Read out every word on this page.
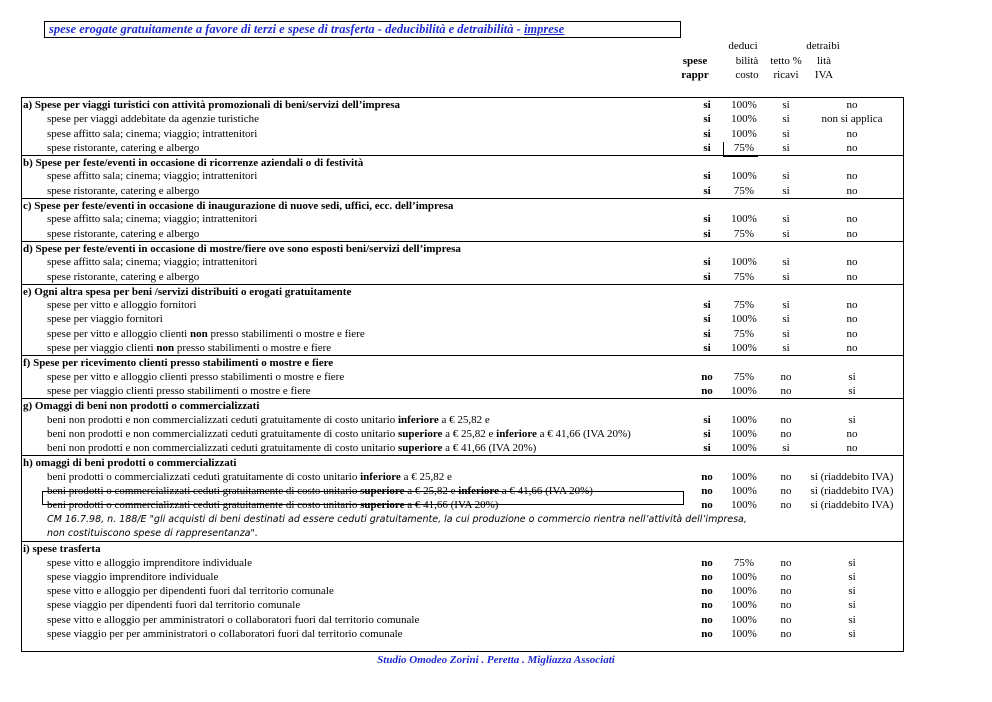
spese erogate gratuitamente a favore di terzi e spese di trasferta - deducibilità e detraibilità - imprese
deduci	detraibi
spese	bilità	tetto %	lità
rappr	costo	ricavi	IVA
a) Spese per viaggi turistici con attività promozionali di beni/servizi dell’impresa	si	100%	si	no
spese per viaggi addebitate da agenzie turistiche	si	100%	si	non si applica
spese affitto sala; cinema; viaggio; intrattenitori	si	100%	si	no
spese ristorante, catering e albergo	si	75%	si	no
b) Spese per feste/eventi in occasione di ricorrenze aziendali o di festività
spese affitto sala; cinema; viaggio; intrattenitori	si	100%	si	no
spese ristorante, catering e albergo	si	75%	si	no
c) Spese per feste/eventi in occasione di inaugurazione di nuove sedi, uffici, ecc. dell’impresa
spese affitto sala; cinema; viaggio; intrattenitori	si	100%	si	no
spese ristorante, catering e albergo	si	75%	si	no
d) Spese per feste/eventi in occasione di mostre/fiere ove sono esposti beni/servizi dell’impresa
spese affitto sala; cinema; viaggio; intrattenitori	si	100%	si	no
spese ristorante, catering e albergo	si	75%	si	no
e) Ogni altra spesa per beni /servizi distribuiti o erogati gratuitamente
spese per vitto e alloggio fornitori	si	75%	si	no
spese per viaggio fornitori	si	100%	si	no
spese per vitto e alloggio clienti non presso stabilimenti o mostre e fiere	si	75%	si	no
spese per viaggio clienti non presso stabilimenti o mostre e fiere	si	100%	si	no
f) Spese per ricevimento clienti presso stabilimenti o mostre e fiere
spese per vitto e alloggio clienti presso stabilimenti o mostre e fiere	no	75%	no	si
spese per viaggio clienti presso stabilimenti o mostre e fiere	no	100%	no	si
g) Omaggi di beni non prodotti o commercializzati
beni non prodotti e non commercializzati ceduti gratuitamente di costo unitario inferiore a € 25,82 e	si	100%	no	si
beni non prodotti e non commercializzati ceduti gratuitamente di costo unitario superiore a € 25,82 e inferiore a € 41,66 (IVA 20%)	si	100%	no	no
beni non prodotti e non commercializzati ceduti gratuitamente di costo unitario superiore a € 41,66 (IVA 20%)	si	100%	si	no
h) omaggi di beni prodotti o commercializzati
beni prodotti o commercializzati ceduti gratuitamente di costo unitario inferiore a € 25,82 e	no	100%	no	si (riaddebito IVA)
beni prodotti o commercializzati ceduti gratuitamente di costo unitario superiore a € 25,82 e inferiore a € 41,66 (IVA 20%)	no	100%	no	si (riaddebito IVA)
beni prodotti o commercializzati ceduti gratuitamente di costo unitario superiore a € 41,66 (IVA 20%)	no	100%	no	si (riaddebito IVA)
CM 16.7.98, n. 188/E "gli acquisti di beni destinati ad essere ceduti gratuitamente, la cui produzione o commercio rientra nell’attività dell’impresa,
non costituiscono spese di rappresentanza".
i) spese trasferta
spese vitto e alloggio imprenditore individuale	no	75%	no	si
spese viaggio imprenditore individuale	no	100%	no	si
spese vitto e alloggio per dipendenti fuori dal territorio comunale	no	100%	no	si
spese viaggio per dipendenti fuori dal territorio comunale	no	100%	no	si
spese vitto e alloggio per amministratori o collaboratori fuori dal territorio comunale	no	100%	no	si
spese viaggio per per amministratori o collaboratori fuori dal territorio comunale	no	100%	no	si
Studio Omodeo Zorini . Peretta . Migliazza Associati
